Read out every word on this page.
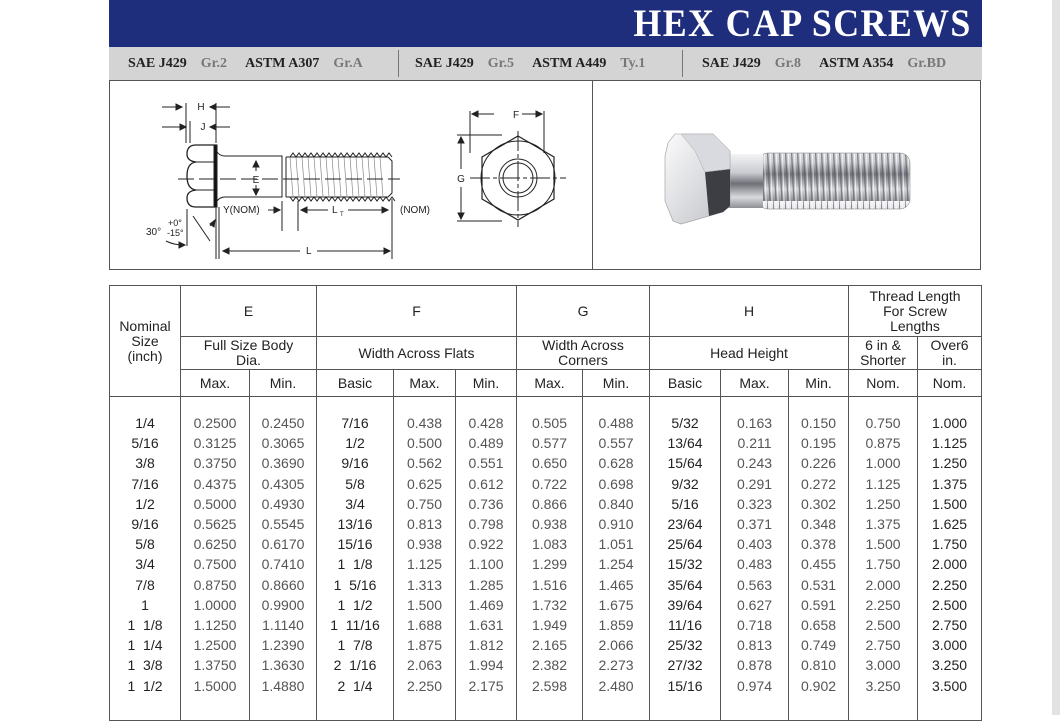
HEX CAP SCREWS
SAE J429 Gr.2 ASTM A307 Gr.A	SAE J429 Gr.5 ASTM A449 Ty.1	SAE J429 Gr.8 ASTM A354 Gr.BD
H
J
E
Y(NOM)	L T	(NOM)
L
30°
+0°
-15°
F
G
Nominal Size (inch)	E		F			G		H			Thread Length For Screw Lengths		
	Full Size Body Dia.		Width Across Flats			Width Across Corners		Head Height			6 in & Shorter	Over6 in.	
	Max.	Min.	Basic	Max.	Min.	Max.	Min.	Basic	Max.	Min.	Nom.	Nom.	

1/4	0.2500	0.2450	7/16	0.438	0.428	0.505	0.488	5/32	0.163	0.150	0.750	1.000	
5/16	0.3125	0.3065	1/2	0.500	0.489	0.577	0.557	13/64	0.211	0.195	0.875	1.125	
3/8	0.3750	0.3690	9/16	0.562	0.551	0.650	0.628	15/64	0.243	0.226	1.000	1.250	
7/16	0.4375	0.4305	5/8	0.625	0.612	0.722	0.698	9/32	0.291	0.272	1.125	1.375	
1/2	0.5000	0.4930	3/4	0.750	0.736	0.866	0.840	5/16	0.323	0.302	1.250	1.500	
9/16	0.5625	0.5545	13/16	0.813	0.798	0.938	0.910	23/64	0.371	0.348	1.375	1.625	
5/8	0.6250	0.6170	15/16	0.938	0.922	1.083	1.051	25/64	0.403	0.378	1.500	1.750	
3/4	0.7500	0.7410	1  1/8	1.125	1.100	1.299	1.254	15/32	0.483	0.455	1.750	2.000	
7/8	0.8750	0.8660	1  5/16	1.313	1.285	1.516	1.465	35/64	0.563	0.531	2.000	2.250	
1	1.0000	0.9900	1  1/2	1.500	1.469	1.732	1.675	39/64	0.627	0.591	2.250	2.500	
1  1/8	1.1250	1.1140	1  11/16	1.688	1.631	1.949	1.859	11/16	0.718	0.658	2.500	2.750	
1  1/4	1.2500	1.2390	1  7/8	1.875	1.812	2.165	2.066	25/32	0.813	0.749	2.750	3.000	
1  3/8	1.3750	1.3630	2  1/16	2.063	1.994	2.382	2.273	27/32	0.878	0.810	3.000	3.250	
1  1/2	1.5000	1.4880	2  1/4	2.250	2.175	2.598	2.480	15/16	0.974	0.902	3.250	3.500	
